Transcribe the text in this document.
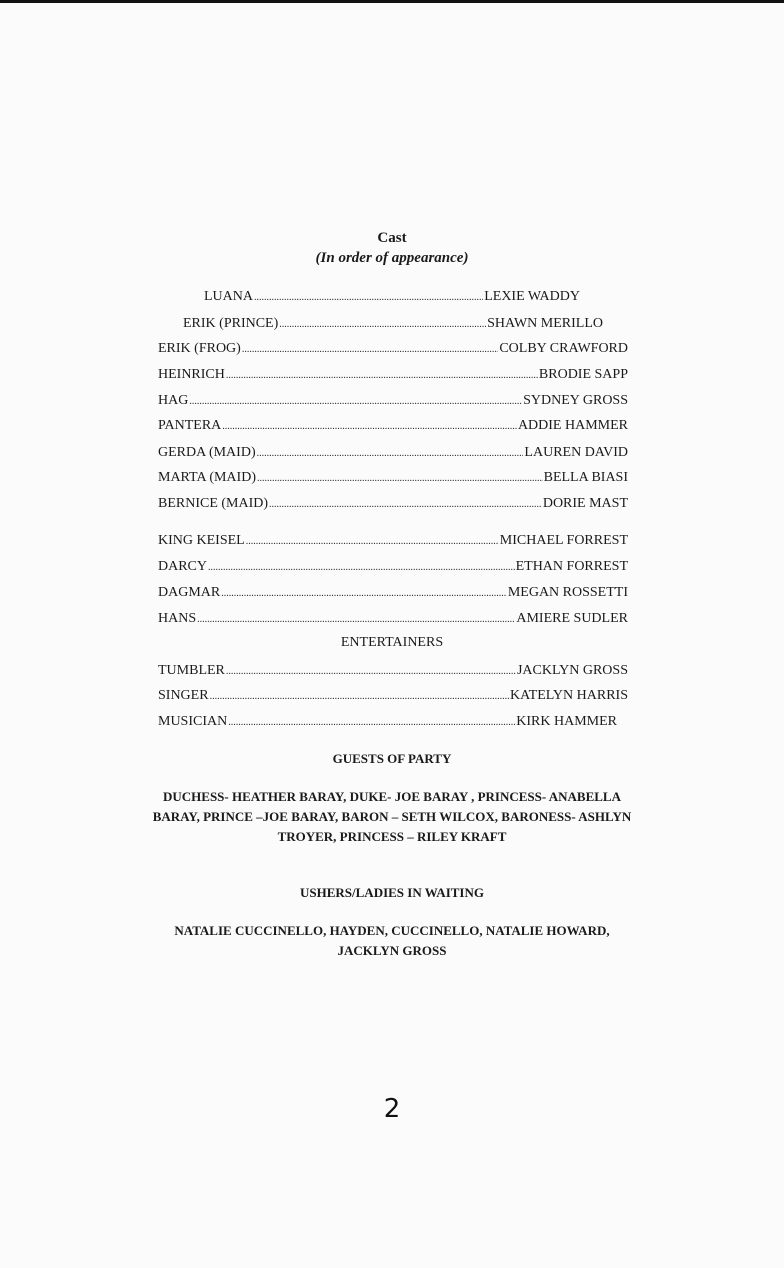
Cast
(In order of appearance)
LUANA .....	LEXIE WADDY
ERIK (PRINCE) .....	SHAWN MERILLO
ERIK (FROG) .....	COLBY CRAWFORD
HEINRICH .....	BRODIE SAPP
HAG .....	SYDNEY GROSS
PANTERA .....	ADDIE HAMMER
GERDA (MAID) .....	LAUREN DAVID
MARTA (MAID) .....	BELLA BIASI
BERNICE (MAID) .....	DORIE MAST
KING KEISEL .....	MICHAEL FORREST
DARCY .....	ETHAN FORREST
DAGMAR .....	MEGAN ROSSETTI
HANS .....	AMIERE SUDLER
ENTERTAINERS
TUMBLER .....	JACKLYN GROSS
SINGER .....	KATELYN HARRIS
MUSICIAN .....	KIRK HAMMER
GUESTS OF PARTY
DUCHESS- HEATHER BARAY, DUKE- JOE BARAY , PRINCESS- ANABELLA BARAY, PRINCE –JOE BARAY, BARON – SETH WILCOX, BARONESS- ASHLYN TROYER, PRINCESS – RILEY KRAFT
USHERS/LADIES IN WAITING
NATALIE CUCCINELLO, HAYDEN, CUCCINELLO, NATALIE HOWARD, JACKLYN GROSS
2
